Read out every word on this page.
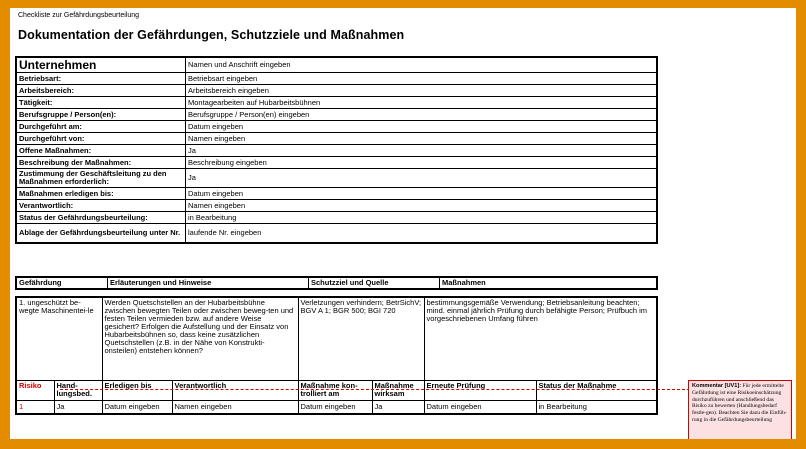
Checkliste zur Gefährdungsbeurteilung
Dokumentation der Gefährdungen, Schutzziele und Maßnahmen
Unternehmen	Namen und Anschrift eingeben
Betriebsart:	Betriebsart eingeben
Arbeitsbereich:	Arbeitsbereich eingeben
Tätigkeit:	Montagearbeiten auf Hubarbeitsbühnen
Berufsgruppe / Person(en):	Berufsgruppe / Person(en) eingeben
Durchgeführt am:	Datum eingeben
Durchgeführt von:	Namen eingeben
Offene Maßnahmen:	Ja
Beschreibung der Maßnahmen:	Beschreibung eingeben
Zustimmung der Geschäftsleitung zu den Maßnahmen erforderlich:	Ja
Maßnahmen erledigen bis:	Datum eingeben
Verantwortlich:	Namen eingeben
Status der Gefährdungsbeurteilung:	in Bearbeitung
Ablage der Gefährdungsbeurteilung unter Nr.	laufende Nr. eingeben
Gefährdung	Erläuterungen und Hinweise	Schutzziel und Quelle	Maßnahmen
1. ungeschützt be-wegte Maschinentei-le		Werden Quetschstellen an der Hubarbeitsbühne zwischen bewegten Teilen oder zwischen beweg-ten und festen Teilen vermieden bzw. auf andere Weise gesichert? Erfolgen die Aufstellung und der Einsatz von Hubarbeitsbühnen so, dass keine zusätzlichen Quetschstellen (z.B. in der Nähe von Konstrukti-onsteilen) entstehen können?		Verletzungen verhindern; BetrSichV; BGV A 1; BGR 500; BGI 720		bestimmungsgemäße Verwendung; Betriebsanleitung beachten; mind. einmal jährlich Prüfung durch befähigte Person; Prüfbuch im vorgeschriebenen Umfang führen	
Risiko	Hand-lungsbed.	Erledigen bis	Verantwortlich	Maßnahme kon-trolliert am	Maßnahme wirksam	Erneute Prüfung	Status der Maßnahme
1	Ja	Datum eingeben	Namen eingeben	Datum eingeben	Ja	Datum eingeben	in Bearbeitung
Kommentar [UV1]: Für jede ermittelte Gefährdung ist eine Risikoeinschätzung durchzuführen und anschließend das Risiko zu bewerten (Handlungsbedarf festle-gen). Beachten Sie dazu die Einfüh-rung in die Gefährdungsbeurteilung
